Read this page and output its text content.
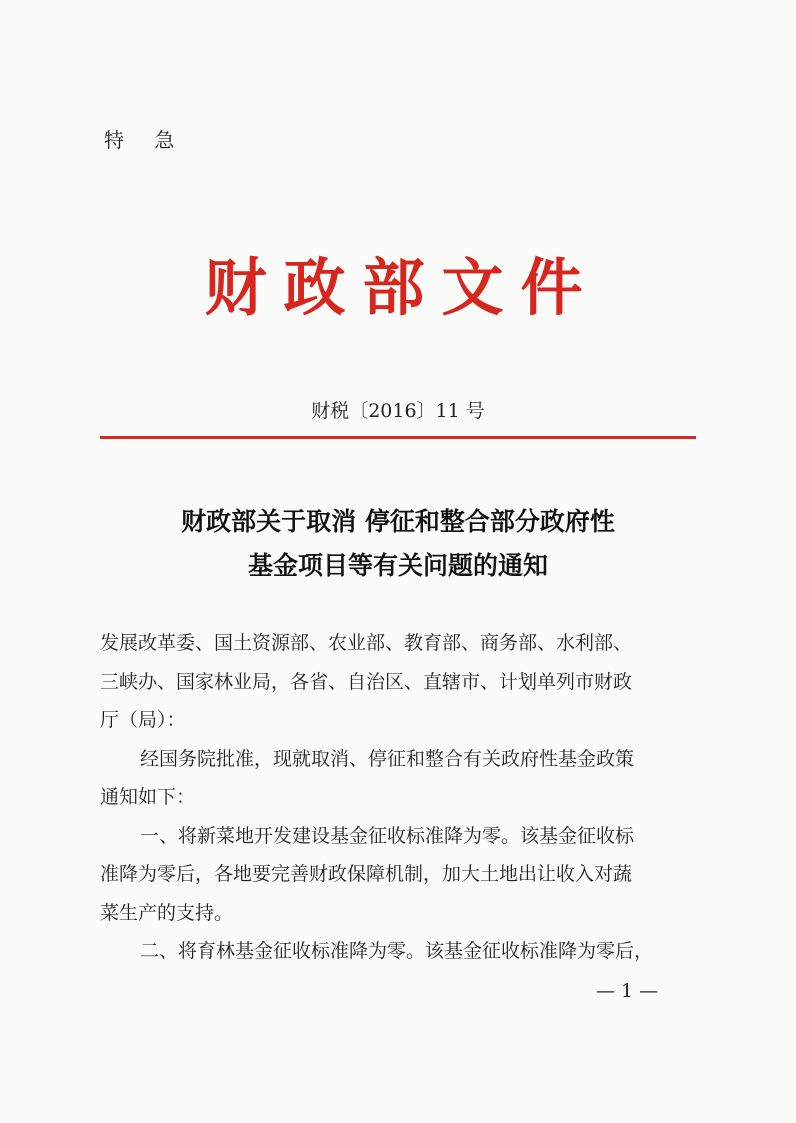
特 急
财政部文件
财税〔2016〕11 号
财政部关于取消 停征和整合部分政府性
基金项目等有关问题的通知

发展改革委、国土资源部、农业部、教育部、商务部、水利部、

三峡办、国家林业局，各省、自治区、直辖市、计划单列市财政

厅（局）：

经国务院批准，现就取消、停征和整合有关政府性基金政策

通知如下：

一、将新菜地开发建设基金征收标准降为零。该基金征收标

准降为零后，各地要完善财政保障机制，加大土地出让收入对蔬

菜生产的支持。

二、将育林基金征收标准降为零。该基金征收标准降为零后，

— 1 —
